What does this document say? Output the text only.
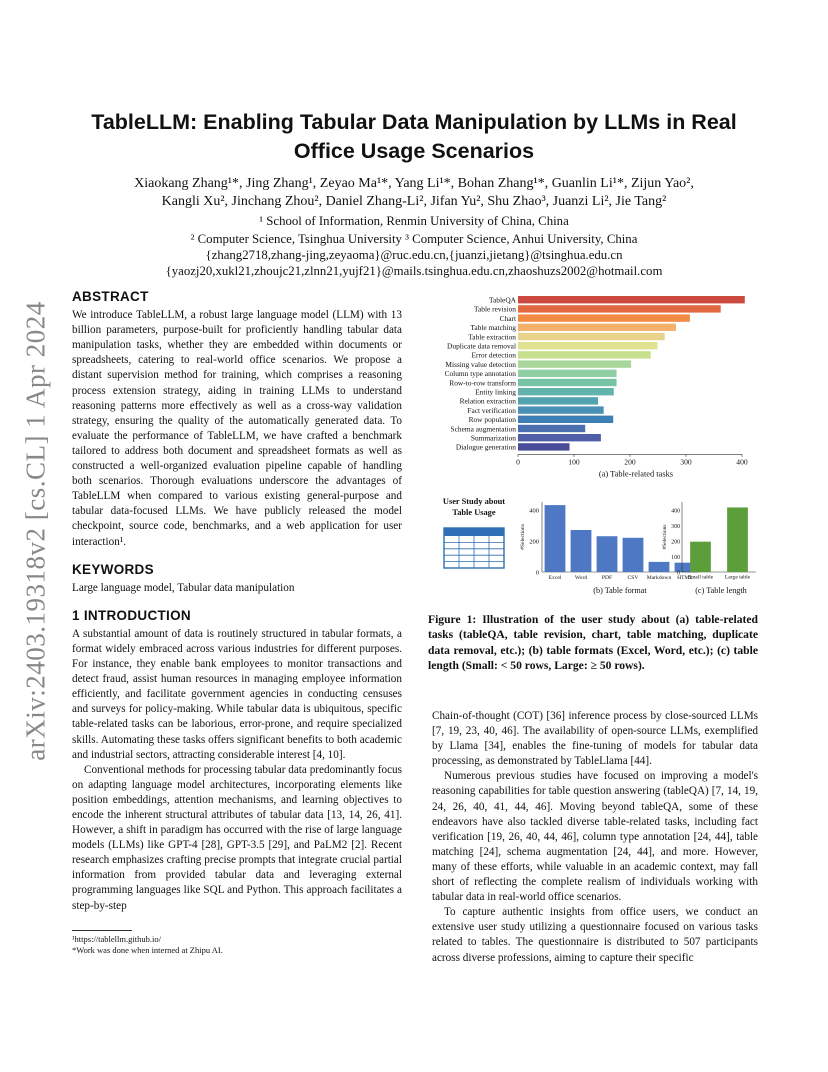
arXiv:2403.19318v2 [cs.CL] 1 Apr 2024
TableLLM: Enabling Tabular Data Manipulation by LLMs in Real
Office Usage Scenarios
Xiaokang Zhang¹*, Jing Zhang¹, Zeyao Ma¹*, Yang Li¹*, Bohan Zhang¹*, Guanlin Li¹*, Zijun Yao²,
Kangli Xu², Jinchang Zhou², Daniel Zhang-Li², Jifan Yu², Shu Zhao³, Juanzi Li², Jie Tang²
¹ School of Information, Renmin University of China, China
² Computer Science, Tsinghua University ³ Computer Science, Anhui University, China
{zhang2718,zhang-jing,zeyaoma}@ruc.edu.cn,{juanzi,jietang}@tsinghua.edu.cn
{yaozj20,xukl21,zhoujc21,zlnn21,yujf21}@mails.tsinghua.edu.cn,zhaoshuzs2002@hotmail.com
ABSTRACT

We introduce TableLLM, a robust large language model (LLM) with 13 billion parameters, purpose-built for proficiently handling tabular data manipulation tasks, whether they are embedded within documents or spreadsheets, catering to real-world office scenarios. We propose a distant supervision method for training, which comprises a reasoning process extension strategy, aiding in training LLMs to understand reasoning patterns more effectively as well as a cross-way validation strategy, ensuring the quality of the automatically generated data. To evaluate the performance of TableLLM, we have crafted a benchmark tailored to address both document and spreadsheet formats as well as constructed a well-organized evaluation pipeline capable of handling both scenarios. Thorough evaluations underscore the advantages of TableLLM when compared to various existing general-purpose and tabular data-focused LLMs. We have publicly released the model checkpoint, source code, benchmarks, and a web application for user interaction¹.

KEYWORDS

Large language model, Tabular data manipulation

1 INTRODUCTION

A substantial amount of data is routinely structured in tabular formats, a format widely embraced across various industries for different purposes. For instance, they enable bank employees to monitor transactions and detect fraud, assist human resources in managing employee information efficiently, and facilitate government agencies in conducting censuses and surveys for policy-making. While tabular data is ubiquitous, specific table-related tasks can be laborious, error-prone, and require specialized skills. Automating these tasks offers significant benefits to both academic and industrial sectors, attracting considerable interest [4, 10].

Conventional methods for processing tabular data predominantly focus on adapting language model architectures, incorporating elements like position embeddings, attention mechanisms, and learning objectives to encode the inherent structural attributes of tabular data [13, 14, 26, 41]. However, a shift in paradigm has occurred with the rise of large language models (LLMs) like GPT-4 [28], GPT-3.5 [29], and PaLM2 [2]. Recent research emphasizes crafting precise prompts that integrate crucial partial information from provided tabular data and leveraging external programming languages like SQL and Python. This approach facilitates a step-by-step

¹https://tablellm.github.io/
*Work was done when interned at Zhipu AI.
TableQA
Table revision
Chart
Table matching
Table extraction
Duplicate data removal
Error detection
Missing value detection
Column type annotation
Row-to-row transform
Entity linking
Relation extraction
Fact verification
Row population
Schema augmentation
Summarization
Dialogue generation
0	100	200	300	400
(a) Table-related tasks
User Study about
Table Usage
0
200
400
#Selections
Excel Word	PDF	CSV Markdown HTML
(b) Table format
0
100
200
300
400
#Selections
Small table Large table
(c) Table length
Figure 1: Illustration of the user study about (a) table-related tasks (tableQA, table revision, chart, table matching, duplicate data removal, etc.); (b) table formats (Excel, Word, etc.); (c) table length (Small: < 50 rows, Large: ≥ 50 rows).

Chain-of-thought (COT) [36] inference process by close-sourced LLMs [7, 19, 23, 40, 46]. The availability of open-source LLMs, exemplified by Llama [34], enables the fine-tuning of models for tabular data processing, as demonstrated by TableLlama [44].

Numerous previous studies have focused on improving a model's reasoning capabilities for table question answering (tableQA) [7, 14, 19, 24, 26, 40, 41, 44, 46]. Moving beyond tableQA, some of these endeavors have also tackled diverse table-related tasks, including fact verification [19, 26, 40, 44, 46], column type annotation [24, 44], table matching [24], schema augmentation [24, 44], and more. However, many of these efforts, while valuable in an academic context, may fall short of reflecting the complete realism of individuals working with tabular data in real-world office scenarios.

To capture authentic insights from office users, we conduct an extensive user study utilizing a questionnaire focused on various tasks related to tables. The questionnaire is distributed to 507 participants across diverse professions, aiming to capture their specific
